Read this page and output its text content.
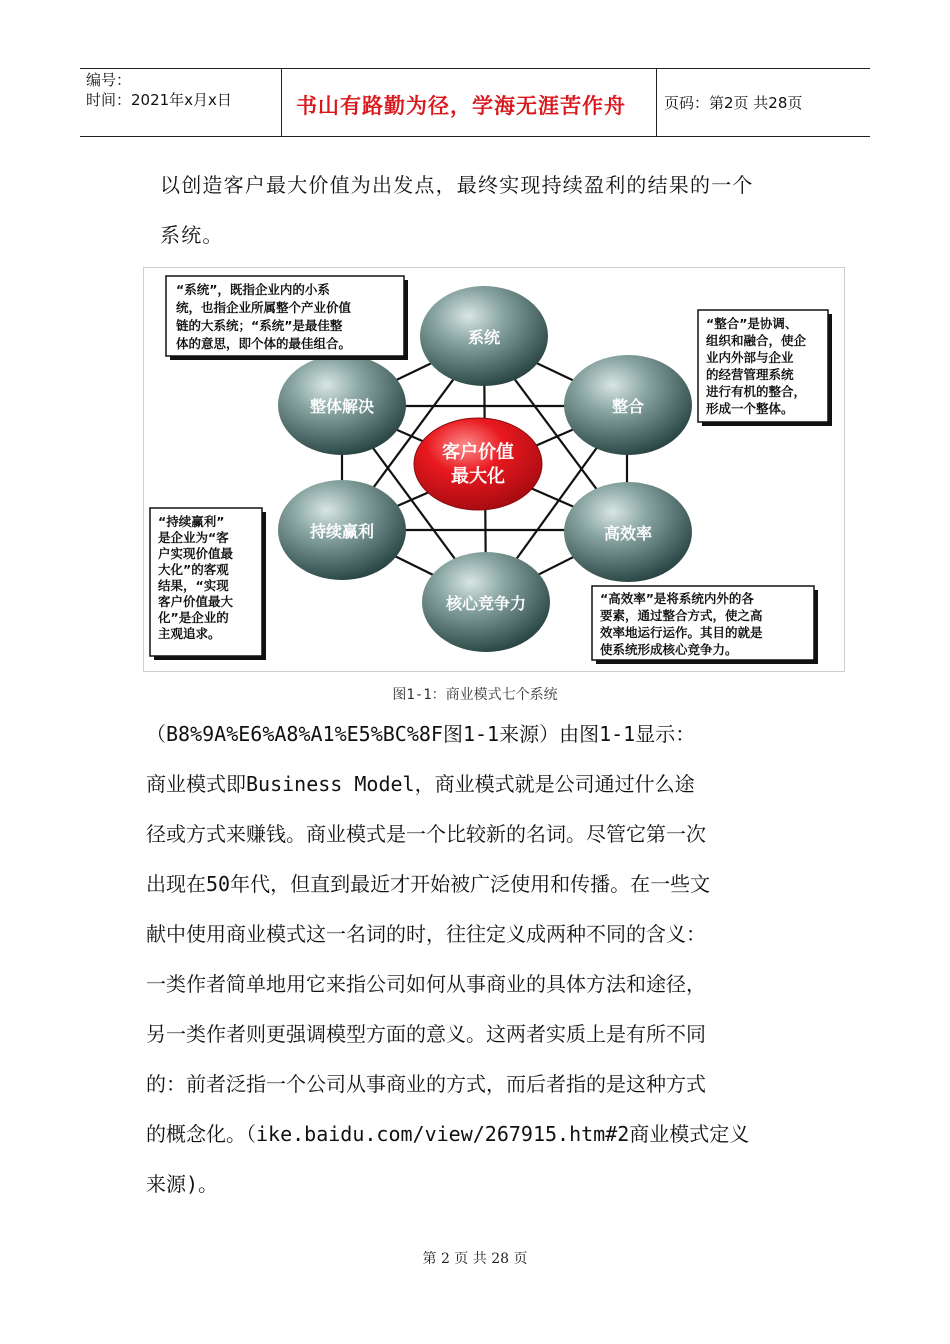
编号：
时间：2021年x月x日	书山有路勤为径，学海无涯苦作舟	页码：第2页 共28页
以创造客户最大价值为出发点，最终实现持续盈利的结果的一个
系统。
系统
整合
高效率
核心竞争力
持续赢利
整体解决
客户价值
最大化
“系统”，既指企业内的小系 统，也指企业所属整个产业价值 链的大系统；“系统”是最佳整 体的意思，即个体的最佳组合。
“整合”是协调、 组织和融合，使企 业内外部与企业 的经营管理系统 进行有机的整合， 形成一个整体。
“持续赢利” 是企业为“客 户实现价值最 大化”的客观 结果，“实现 客户价值最大 化”是企业的 主观追求。
“高效率”是将系统内外的各 要素，通过整合方式，使之高 效率地运行运作。其目的就是 使系统形成核心竞争力。
图1-1：商业模式七个系统
（B8%9A%E6%A8%A1%E5%BC%8F图1-1来源）由图1-1显示：
商业模式即Business Model，商业模式就是公司通过什么途
径或方式来赚钱。商业模式是一个比较新的名词。尽管它第一次
出现在50年代，但直到最近才开始被广泛使用和传播。在一些文
献中使用商业模式这一名词的时，往往定义成两种不同的含义：
一类作者简单地用它来指公司如何从事商业的具体方法和途径，
另一类作者则更强调模型方面的意义。这两者实质上是有所不同
的：前者泛指一个公司从事商业的方式，而后者指的是这种方式
的概念化。（ike.baidu.com/view/267915.htm#2商业模式定义
来源)。
第 2 页 共 28 页
